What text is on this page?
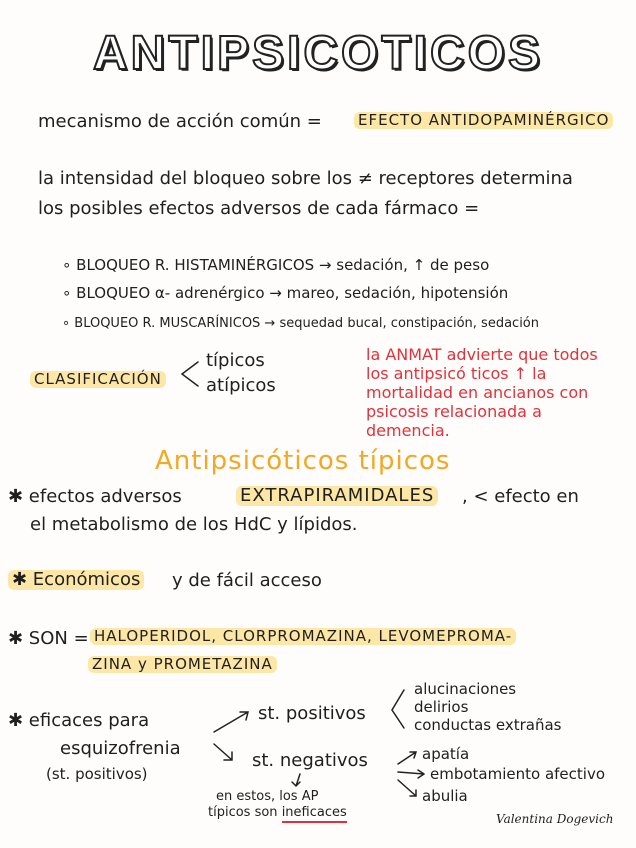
ANTIPSICOTICOS
mecanismo de acción común = EFECTO ANTIDOPAMINÉRGICO
la intensidad del bloqueo sobre los ≠ receptores determina
los posibles efectos adversos de cada fármaco =
∘ BLOQUEO R. HISTAMINÉRGICOS → sedación, ↑ de peso
∘ BLOQUEO α- adrenérgico → mareo, sedación, hipotensión
∘ BLOQUEO R. MUSCARÍNICOS → sequedad bucal, constipación, sedación
CLASIFICACIÓN
típicos
atípicos
la ANMAT advierte que todos los antipsicó ticos ↑ la mortalidad en ancianos con psicosis relacionada a demencia.
Antipsicóticos típicos
✱ efectos adversos	EXTRAPIRAMIDALES , < efecto en
el metabolismo de los HdC y lípidos.
✱ Económicos y de fácil acceso
✱ SON = HALOPERIDOL, CLORPROMAZINA, LEVOMEPROMA-
ZINA y PROMETAZINA
✱ eficaces para
esquizofrenia
(st. positivos)
st. positivos
alucinaciones
delirios
conductas extrañas
st. negativos	apatía
embotamiento afectivo
abulia
en estos, los AP
típicos son ineficaces	Valentina Dogevich
